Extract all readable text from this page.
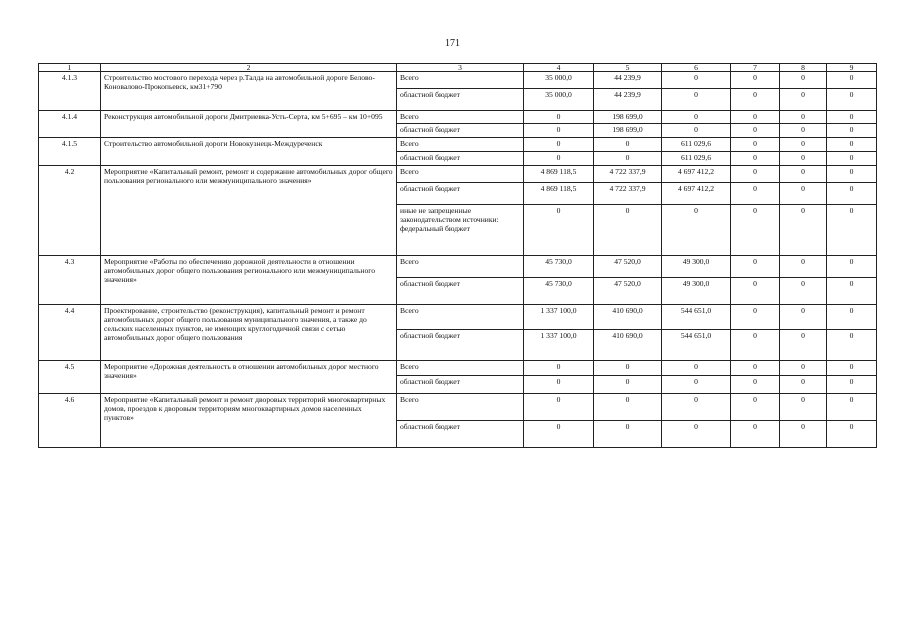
171
1	2	3	4	5	6	7	8	9
4.1.3	Строительство мостового перехода через р.Талда на автомобильной дороге Белово-Коновалово-Прокопьевск, км31+790	Всего	35 000,0	44 239,9	0	0	0	0
		областной бюджет	35 000,0	44 239,9	0	0	0	0
4.1.4	Реконструкция автомобильной дороги Дмитриевка-Усть-Серта, км 5+695 – км 10+095	Всего	0	198 699,0	0	0	0	0
		областной бюджет	0	198 699,0	0	0	0	0
4.1.5	Строительство автомобильной дороги Новокузнецк-Междуреченск	Всего	0	0	611 029,6	0	0	0
		областной бюджет	0	0	611 029,6	0	0	0
4.2	Мероприятие «Капитальный ремонт, ремонт и содержание автомобильных дорог общего пользования регионального или межмуниципального значения»	Всего	4 869 118,5	4 722 337,9	4 697 412,2	0	0	0
		областной бюджет	4 869 118,5	4 722 337,9	4 697 412,2	0	0	0
		иные не запрещенные законодательством источники: федеральный бюджет	0	0	0	0	0	0
4.3	Мероприятие «Работы по обеспечению дорожной деятельности в отношении автомобильных дорог общего пользования регионального или межмуниципального значения»	Всего	45 730,0	47 520,0	49 300,0	0	0	0
		областной бюджет	45 730,0	47 520,0	49 300,0	0	0	0
4.4	Проектирование, строительство (реконструкция), капитальный ремонт и ремонт автомобильных дорог общего пользования муниципального значения, а также до сельских населенных пунктов, не имеющих круглогодичной связи с сетью автомобильных дорог общего пользования	Всего	1 337 100,0	410 690,0	544 651,0	0	0	0
		областной бюджет	1 337 100,0	410 690,0	544 651,0	0	0	0
4.5	Мероприятие «Дорожная деятельность в отношении автомобильных дорог местного значения»	Всего	0	0	0	0	0	0
		областной бюджет	0	0	0	0	0	0
4.6	Мероприятие «Капитальный ремонт и ремонт дворовых территорий многоквартирных домов, проездов к дворовым территориям многоквартирных домов населенных пунктов»	Всего	0	0	0	0	0	0
		областной бюджет	0	0	0	0	0	0
